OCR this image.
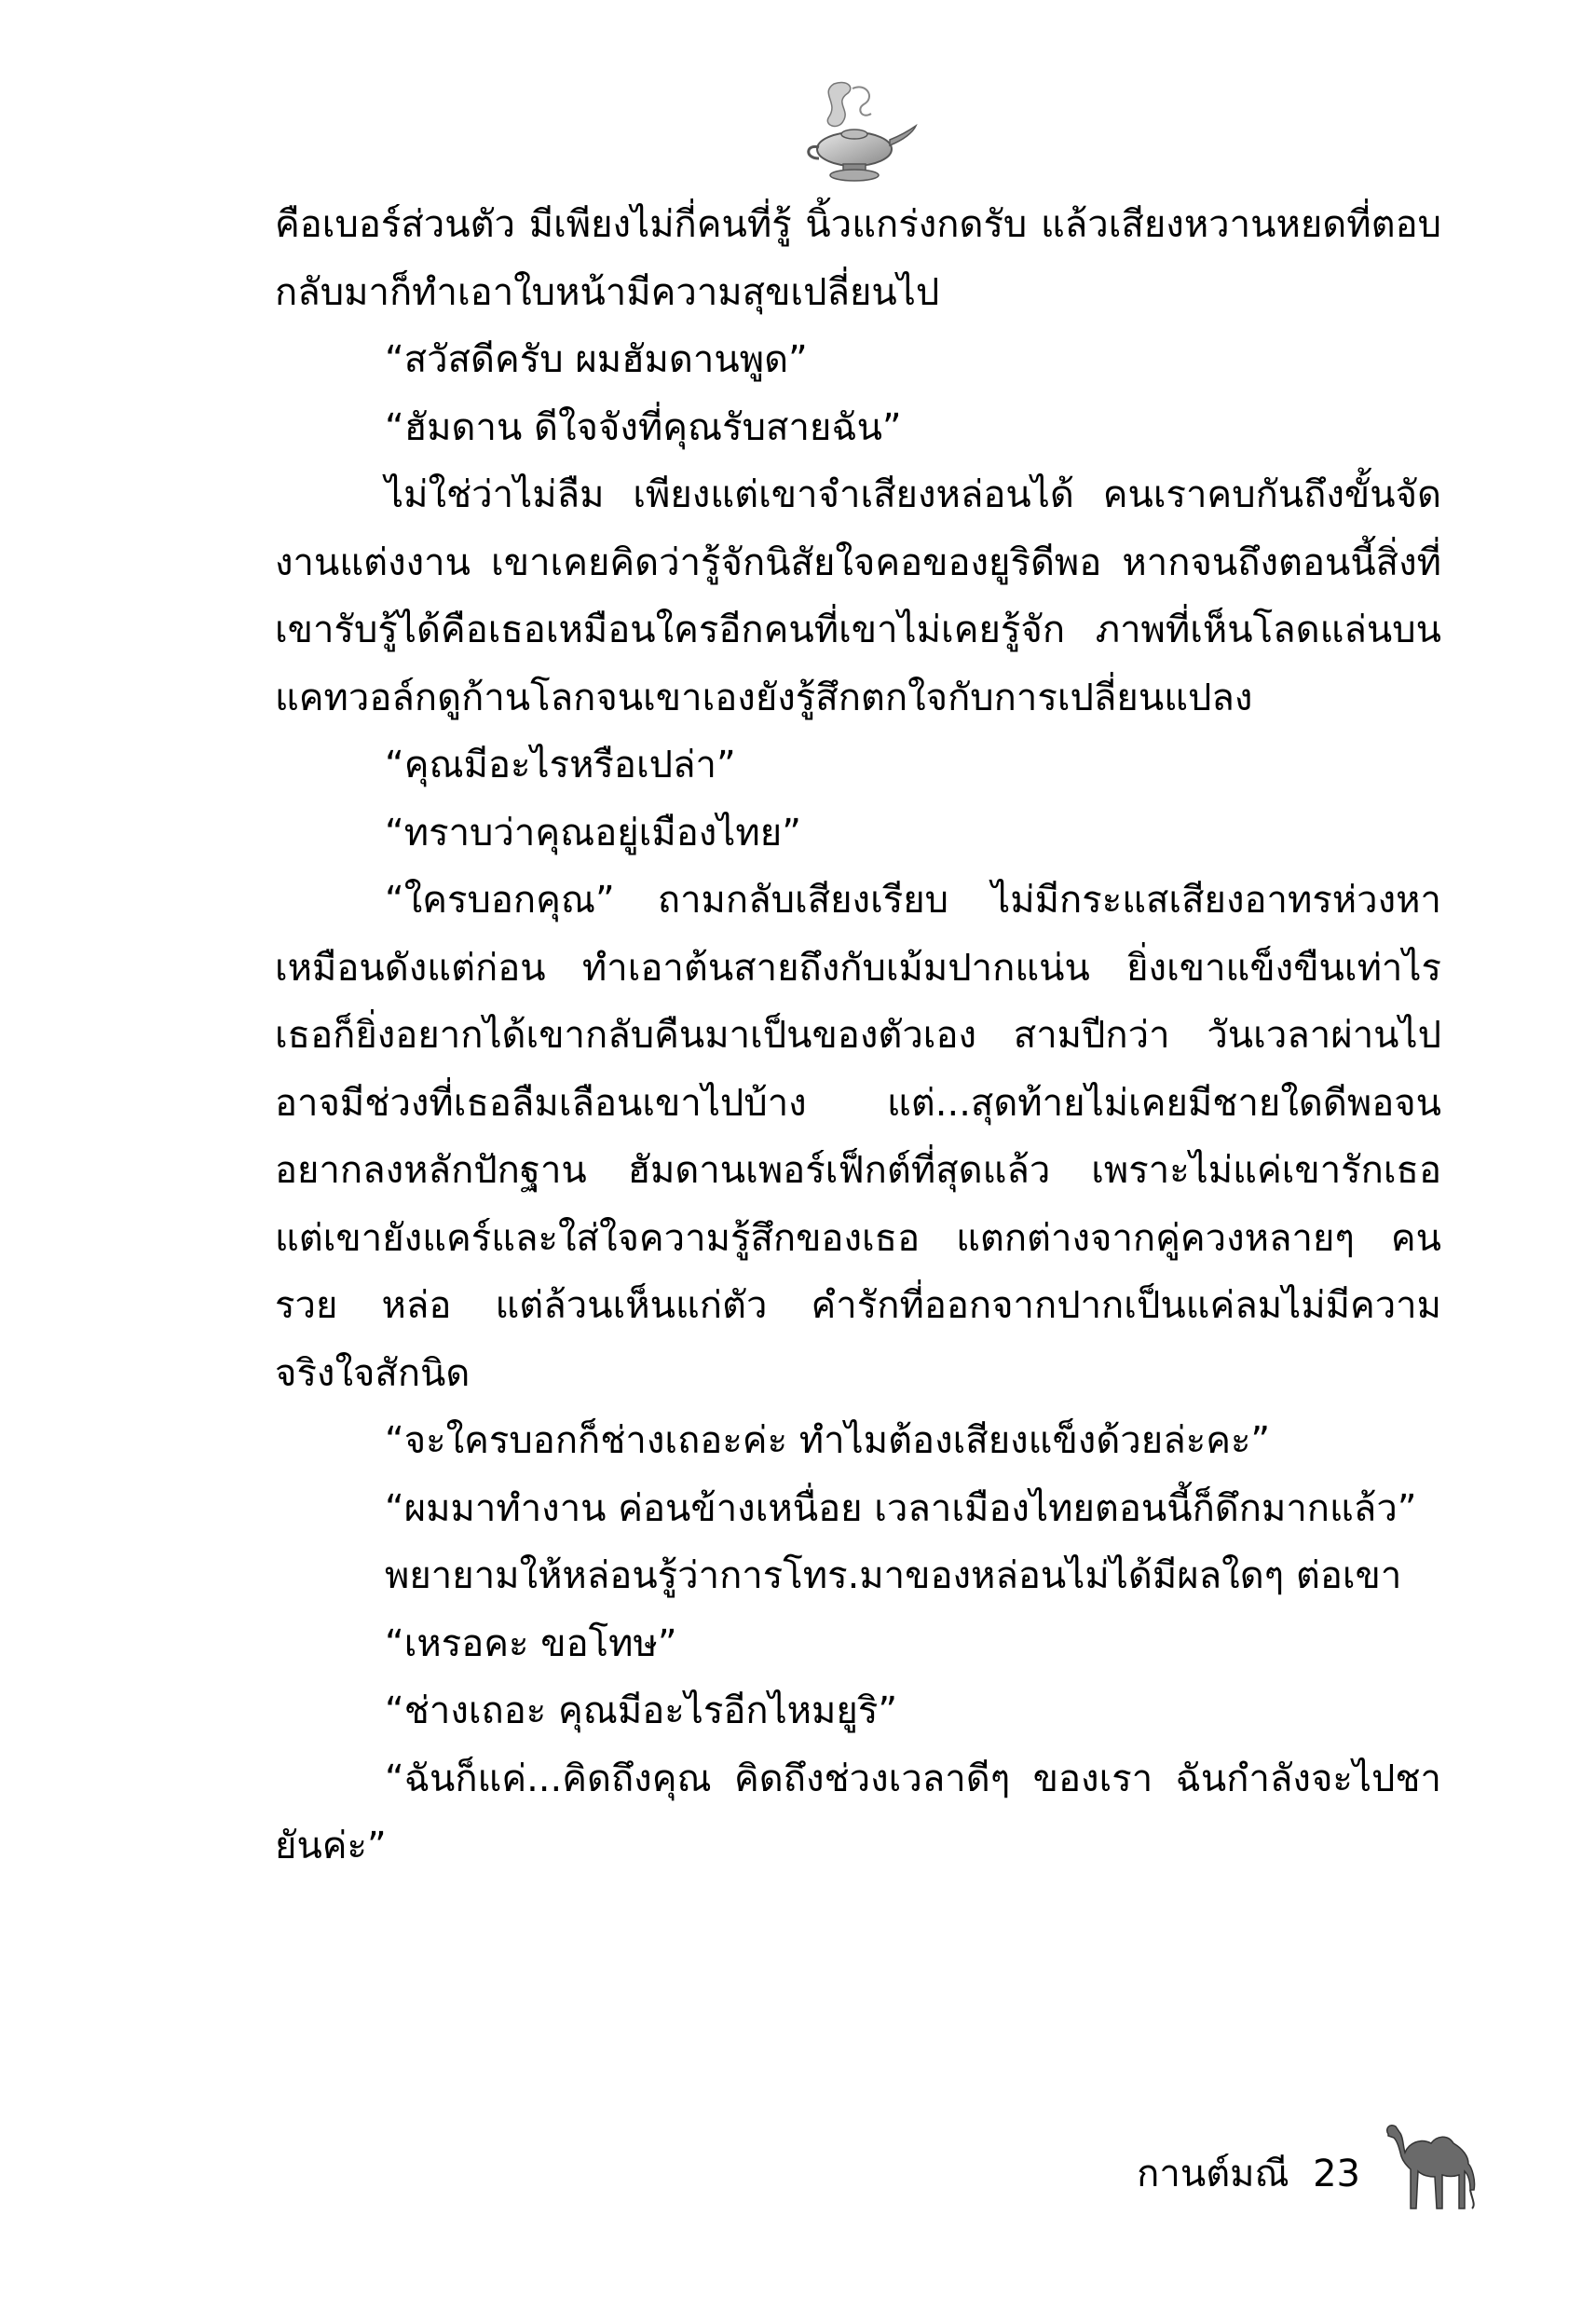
คือเบอร์ส่วนตัว มีเพียงไม่กี่คนที่รู้ นิ้วแกร่งกดรับ แล้วเสียงหวานหยดที่ตอบกลับมาก็ทำเอาใบหน้ามีความสุขเปลี่ยนไป

“สวัสดีครับ ผมฮัมดานพูด”

“ฮัมดาน ดีใจจังที่คุณรับสายฉัน”

ไม่ใช่ว่าไม่ลืม เพียงแต่เขาจำเสียงหล่อนได้ คนเราคบกันถึงขั้นจัดงานแต่งงาน เขาเคยคิดว่ารู้จักนิสัยใจคอของยูริดีพอ หากจนถึงตอนนี้สิ่งที่เขารับรู้ได้คือเธอเหมือนใครอีกคนที่เขาไม่เคยรู้จัก ภาพที่เห็นโลดแล่นบนแคทวอล์กดูก้านโลกจนเขาเองยังรู้สึกตกใจกับการเปลี่ยนแปลง

“คุณมีอะไรหรือเปล่า”

“ทราบว่าคุณอยู่เมืองไทย”

“ใครบอกคุณ” ถามกลับเสียงเรียบ ไม่มีกระแสเสียงอาทรห่วงหาเหมือนดังแต่ก่อน ทำเอาต้นสายถึงกับเม้มปากแน่น ยิ่งเขาแข็งขืนเท่าไรเธอก็ยิ่งอยากได้เขากลับคืนมาเป็นของตัวเอง สามปีกว่า วันเวลาผ่านไปอาจมีช่วงที่เธอลืมเลือนเขาไปบ้าง แต่...สุดท้ายไม่เคยมีชายใดดีพอจนอยากลงหลักปักฐาน ฮัมดานเพอร์เฟ็กต์ที่สุดแล้ว เพราะไม่แค่เขารักเธอ แต่เขายังแคร์และใส่ใจความรู้สึกของเธอ แตกต่างจากคู่ควงหลายๆ คน รวย หล่อ แต่ล้วนเห็นแก่ตัว คำรักที่ออกจากปากเป็นแค่ลมไม่มีความจริงใจสักนิด

“จะใครบอกก็ช่างเถอะค่ะ ทำไมต้องเสียงแข็งด้วยล่ะคะ”

“ผมมาทำงาน ค่อนข้างเหนื่อย เวลาเมืองไทยตอนนี้ก็ดึกมากแล้ว”

พยายามให้หล่อนรู้ว่าการโทร.มาของหล่อนไม่ได้มีผลใดๆ ต่อเขา

“เหรอคะ ขอโทษ”

“ช่างเถอะ คุณมีอะไรอีกไหมยูริ”

“ฉันก็แค่...คิดถึงคุณ คิดถึงช่วงเวลาดีๆ ของเรา ฉันกำลังจะไปชายันค่ะ”

กานต์มณี 23
